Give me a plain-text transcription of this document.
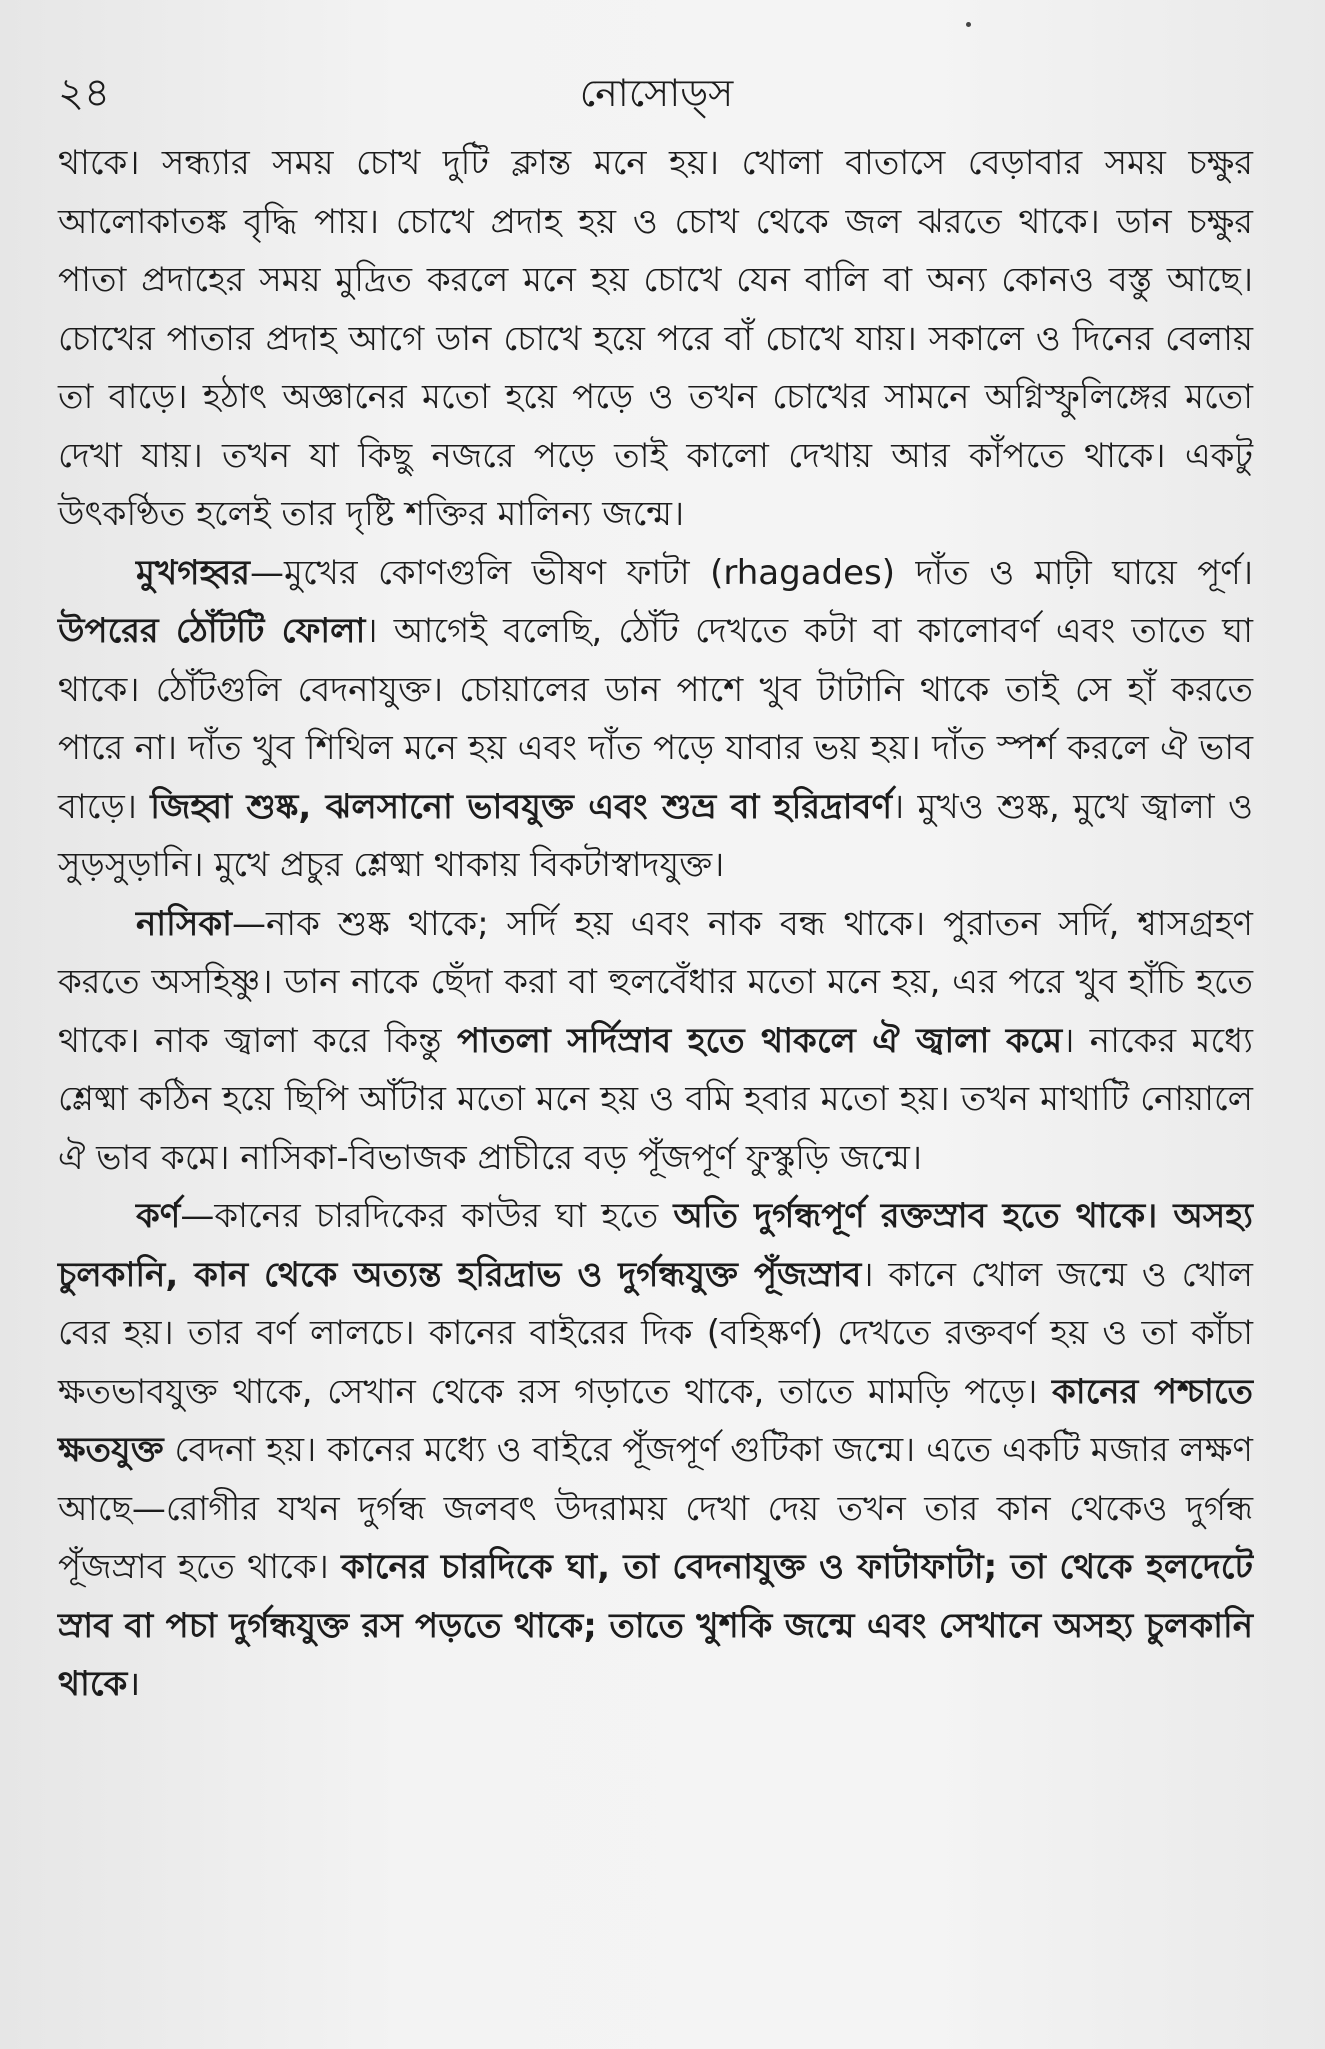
নোসোড্স
২৪

থাকে। সন্ধ্যার সময় চোখ দুটি ক্লান্ত মনে হয়। খোলা বাতাসে বেড়াবার সময় চক্ষুর আলোকাতঙ্ক বৃদ্ধি পায়। চোখে প্রদাহ হয় ও চোখ থেকে জল ঝরতে থাকে। ডান চক্ষুর পাতা প্রদাহের সময় মুদ্রিত করলে মনে হয় চোখে যেন বালি বা অন্য কোনও বস্তু আছে। চোখের পাতার প্রদাহ আগে ডান চোখে হয়ে পরে বাঁ চোখে যায়। সকালে ও দিনের বেলায় তা বাড়ে। হঠাৎ অজ্ঞানের মতো হয়ে পড়ে ও তখন চোখের সামনে অগ্নিস্ফুলিঙ্গের মতো দেখা যায়। তখন যা কিছু নজরে পড়ে তাই কালো দেখায় আর কাঁপতে থাকে। একটু উৎকণ্ঠিত হলেই তার দৃষ্টি শক্তির মালিন্য জন্মে।

মুখগহ্বর—মুখের কোণগুলি ভীষণ ফাটা (rhagades) দাঁত ও মাঢ়ী ঘায়ে পূর্ণ। উপরের ঠোঁটটি ফোলা। আগেই বলেছি, ঠোঁট দেখতে কটা বা কালোবর্ণ এবং তাতে ঘা থাকে। ঠোঁটগুলি বেদনাযুক্ত। চোয়ালের ডান পাশে খুব টাটানি থাকে তাই সে হাঁ করতে পারে না। দাঁত খুব শিথিল মনে হয় এবং দাঁত পড়ে যাবার ভয় হয়। দাঁত স্পর্শ করলে ঐ ভাব বাড়ে। জিহ্বা শুষ্ক, ঝলসানো ভাবযুক্ত এবং শুভ্র বা হরিদ্রাবর্ণ। মুখও শুষ্ক, মুখে জ্বালা ও সুড়সুড়ানি। মুখে প্রচুর শ্লেষ্মা থাকায় বিকটাস্বাদযুক্ত।

নাসিকা—নাক শুষ্ক থাকে; সর্দি হয় এবং নাক বন্ধ থাকে। পুরাতন সর্দি, শ্বাসগ্রহণ করতে অসহিষ্ণু। ডান নাকে ছেঁদা করা বা হুলবেঁধার মতো মনে হয়, এর পরে খুব হাঁচি হতে থাকে। নাক জ্বালা করে কিন্তু পাতলা সর্দিস্রাব হতে থাকলে ঐ জ্বালা কমে। নাকের মধ্যে শ্লেষ্মা কঠিন হয়ে ছিপি আঁটার মতো মনে হয় ও বমি হবার মতো হয়। তখন মাথাটি নোয়ালে ঐ ভাব কমে। নাসিকা-বিভাজক প্রাচীরে বড় পূঁজপূর্ণ ফুস্কুড়ি জন্মে।

কর্ণ—কানের চারদিকের কাউর ঘা হতে অতি দুর্গন্ধপূর্ণ রক্তস্রাব হতে থাকে। অসহ্য চুলকানি, কান থেকে অত্যন্ত হরিদ্রাভ ও দুর্গন্ধযুক্ত পূঁজস্রাব। কানে খোল জন্মে ও খোল বের হয়। তার বর্ণ লালচে। কানের বাইরের দিক (বহিষ্কর্ণ) দেখতে রক্তবর্ণ হয় ও তা কাঁচা ক্ষতভাবযুক্ত থাকে, সেখান থেকে রস গড়াতে থাকে, তাতে মামড়ি পড়ে। কানের পশ্চাতে ক্ষতযুক্ত বেদনা হয়। কানের মধ্যে ও বাইরে পূঁজপূর্ণ গুটিকা জন্মে। এতে একটি মজার লক্ষণ আছে—রোগীর যখন দুর্গন্ধ জলবৎ উদরাময় দেখা দেয় তখন তার কান থেকেও দুর্গন্ধ পূঁজস্রাব হতে থাকে। কানের চারদিকে ঘা, তা বেদনাযুক্ত ও ফাটাফাটা; তা থেকে হলদেটে স্রাব বা পচা দুর্গন্ধযুক্ত রস পড়তে থাকে; তাতে খুশকি জন্মে এবং সেখানে অসহ্য চুলকানি থাকে।
